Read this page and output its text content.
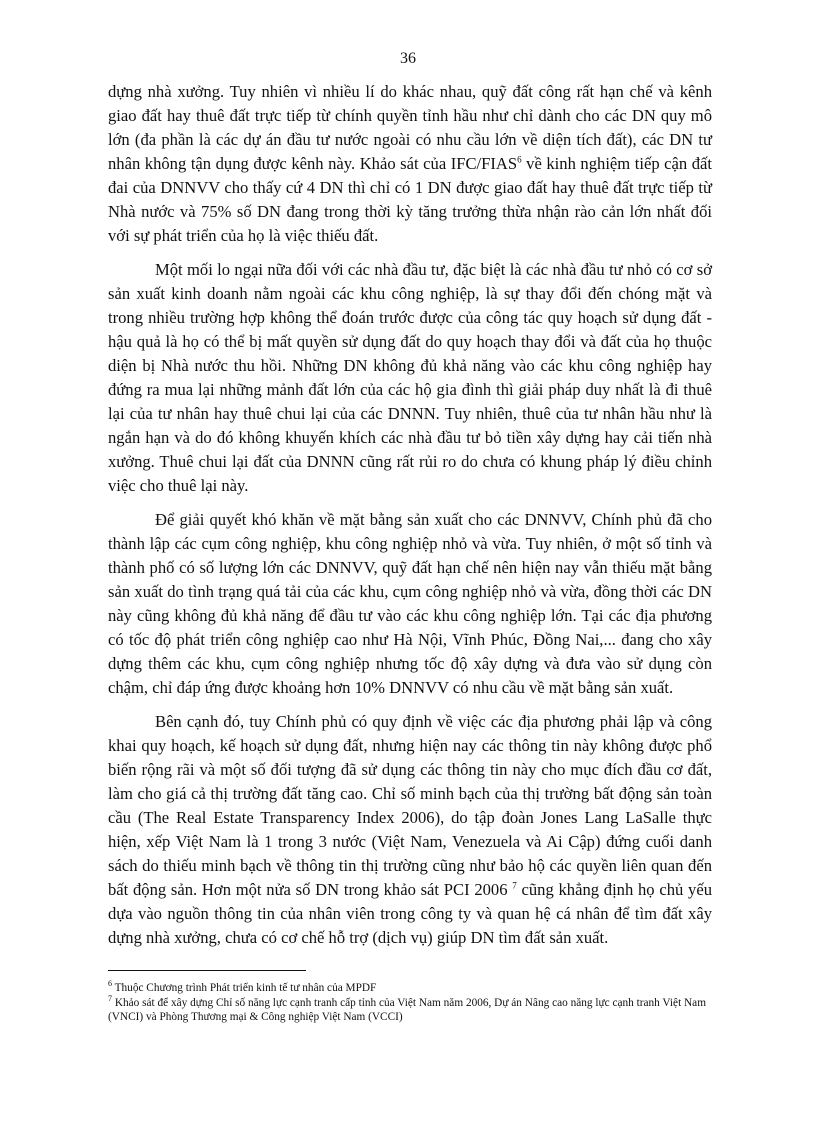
36

dựng nhà xưởng. Tuy nhiên vì nhiều lí do khác nhau, quỹ đất công rất hạn chế và kênh giao đất hay thuê đất trực tiếp từ chính quyền tỉnh hầu như chỉ dành cho các DN quy mô lớn (đa phần là các dự án đầu tư nước ngoài có nhu cầu lớn về diện tích đất), các DN tư nhân không tận dụng được kênh này. Khảo sát của IFC/FIAS$^6$ về kinh nghiệm tiếp cận đất đai của DNNVV cho thấy cứ 4 DN thì chỉ có 1 DN được giao đất hay thuê đất trực tiếp từ Nhà nước và 75% số DN đang trong thời kỳ tăng trưởng thừa nhận rào cản lớn nhất đối với sự phát triển của họ là việc thiếu đất.

Một mối lo ngại nữa đối với các nhà đầu tư, đặc biệt là các nhà đầu tư nhỏ có cơ sở sản xuất kinh doanh nằm ngoài các khu công nghiệp, là sự thay đổi đến chóng mặt và trong nhiều trường hợp không thể đoán trước được của công tác quy hoạch sử dụng đất - hậu quả là họ có thể bị mất quyền sử dụng đất do quy hoạch thay đổi và đất của họ thuộc diện bị Nhà nước thu hồi. Những DN không đủ khả năng vào các khu công nghiệp hay đứng ra mua lại những mảnh đất lớn của các hộ gia đình thì giải pháp duy nhất là đi thuê lại của tư nhân hay thuê chui lại của các DNNN. Tuy nhiên, thuê của tư nhân hầu như là ngắn hạn và do đó không khuyến khích các nhà đầu tư bỏ tiền xây dựng hay cải tiến nhà xưởng. Thuê chui lại đất của DNNN cũng rất rủi ro do chưa có khung pháp lý điều chỉnh việc cho thuê lại này.

Để giải quyết khó khăn về mặt bằng sản xuất cho các DNNVV, Chính phủ đã cho thành lập các cụm công nghiệp, khu công nghiệp nhỏ và vừa. Tuy nhiên, ở một số tỉnh và thành phố có số lượng lớn các DNNVV, quỹ đất hạn chế nên hiện nay vẫn thiếu mặt bằng sản xuất do tình trạng quá tải của các khu, cụm công nghiệp nhỏ và vừa, đồng thời các DN này cũng không đủ khả năng để đầu tư vào các khu công nghiệp lớn. Tại các địa phương có tốc độ phát triển công nghiệp cao như Hà Nội, Vĩnh Phúc, Đồng Nai,... đang cho xây dựng thêm các khu, cụm công nghiệp nhưng tốc độ xây dựng và đưa vào sử dụng còn chậm, chỉ đáp ứng được khoảng hơn 10% DNNVV có nhu cầu về mặt bằng sản xuất.

Bên cạnh đó, tuy Chính phủ có quy định về việc các địa phương phải lập và công khai quy hoạch, kế hoạch sử dụng đất, nhưng hiện nay các thông tin này không được phổ biến rộng rãi và một số đối tượng đã sử dụng các thông tin này cho mục đích đầu cơ đất, làm cho giá cả thị trường đất tăng cao. Chỉ số minh bạch của thị trường bất động sản toàn cầu (The Real Estate Transparency Index 2006), do tập đoàn Jones Lang LaSalle thực hiện, xếp Việt Nam là 1 trong 3 nước (Việt Nam, Venezuela và Ai Cập) đứng cuối danh sách do thiếu minh bạch về thông tin thị trường cũng như bảo hộ các quyền liên quan đến bất động sản. Hơn một nửa số DN trong khảo sát PCI 2006 $^7$ cũng khẳng định họ chủ yếu dựa vào nguồn thông tin của nhân viên trong công ty và quan hệ cá nhân để tìm đất xây dựng nhà xưởng, chưa có cơ chế hỗ trợ (dịch vụ) giúp DN tìm đất sản xuất.

$^6$ Thuộc Chương trình Phát triển kinh tế tư nhân của MPDF
$^7$ Khảo sát để xây dựng Chỉ số năng lực cạnh tranh cấp tỉnh của Việt Nam năm 2006, Dự án Nâng cao năng lực cạnh tranh Việt Nam (VNCI) và Phòng Thương mại & Công nghiệp Việt Nam (VCCI)
